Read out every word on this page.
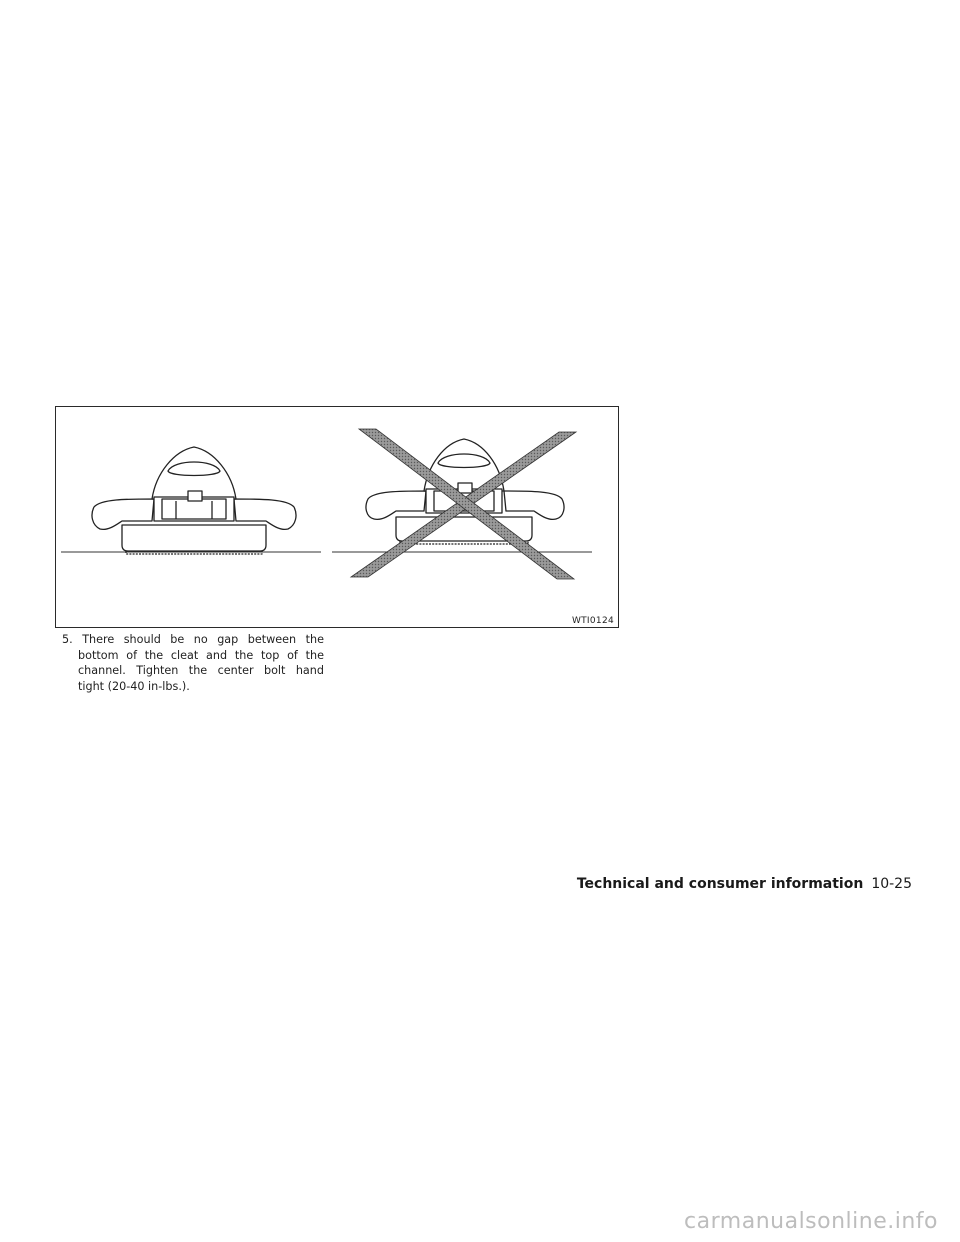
WTI0124
5. There should be no gap between the
bottom of the cleat and the top of the
channel. Tighten the center bolt hand
tight (20-40 in-lbs.).
Technical and consumer information 10-25
carmanualsonline.info
